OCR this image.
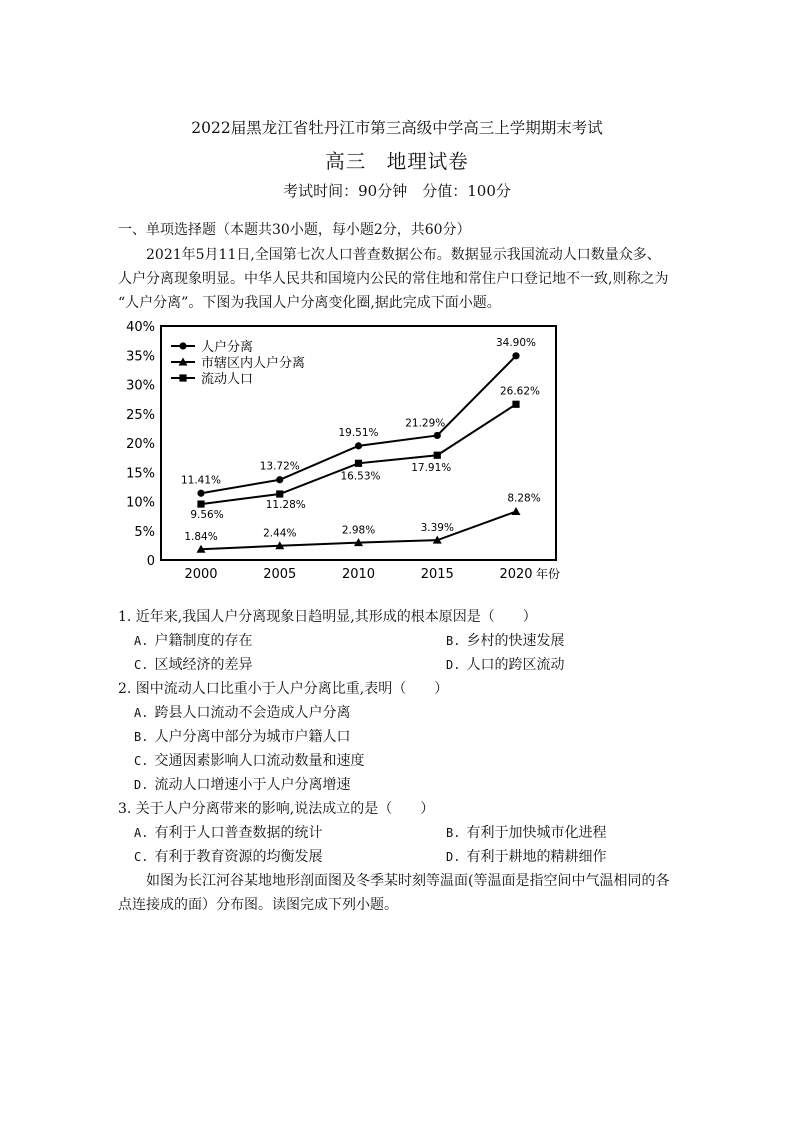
2022届黑龙江省牡丹江市第三高级中学高三上学期期末考试
高三　地理试卷
考试时间：90分钟　分值：100分
一、单项选择题（本题共30小题，每小题2分，共60分）
2021年5月11日,全国第七次人口普查数据公布。数据显示我国流动人口数量众多、
人户分离现象明显。中华人民共和国境内公民的常住地和常住户口登记地不一致,则称之为
“人户分离”。下图为我国人户分离变化圈,据此完成下面小题。
0
5%
10%
15%
20%
25%
30%
35%
40%
2000	2005	2010	2015	2020 年份
11.41%
13.72%
19.51%
21.29%
34.90%
1.84%	2.44%	2.98%	3.39%
8.28%
9.56%
11.28%
16.53%
17.91%
26.62%
人户分离
市辖区内人户分离
流动人口
1. 近年来,我国人户分离现象日趋明显,其形成的根本原因是（　　）
A. 户籍制度的存在	B. 乡村的快速发展
C. 区域经济的差异	D. 人口的跨区流动
2. 图中流动人口比重小于人户分离比重,表明（　　）
A. 跨县人口流动不会造成人户分离
B. 人户分离中部分为城市户籍人口
C. 交通因素影响人口流动数量和速度
D. 流动人口增速小于人户分离增速
3. 关于人户分离带来的影响,说法成立的是（　　）
A. 有利于人口普查数据的统计	B. 有利于加快城市化进程
C. 有利于教育资源的均衡发展	D. 有利于耕地的精耕细作
如图为长江河谷某地地形剖面图及冬季某时刻等温面(等温面是指空间中气温相同的各
点连接成的面）分布图。读图完成下列小题。
